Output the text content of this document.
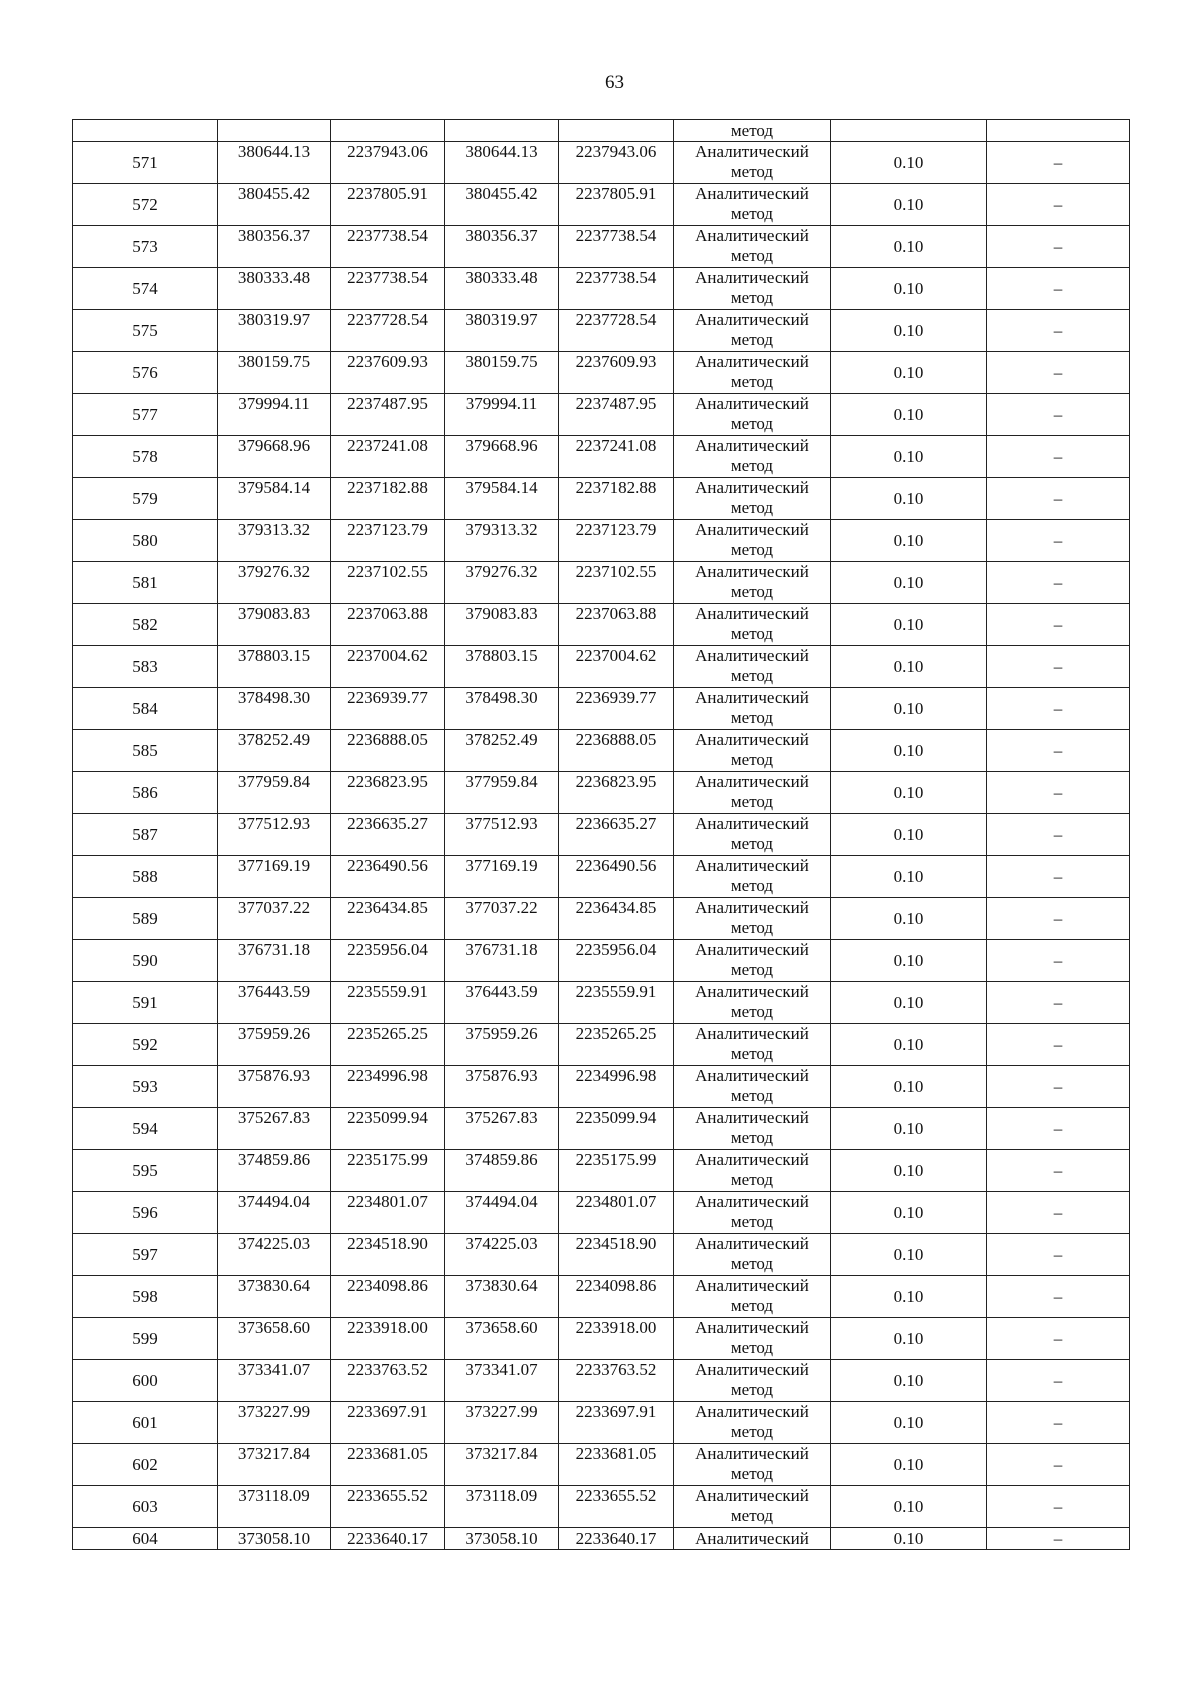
63
					метод		
571	380644.13	2237943.06	380644.13	2237943.06	Аналитический метод	0.10	–
572	380455.42	2237805.91	380455.42	2237805.91	Аналитический метод	0.10	–
573	380356.37	2237738.54	380356.37	2237738.54	Аналитический метод	0.10	–
574	380333.48	2237738.54	380333.48	2237738.54	Аналитический метод	0.10	–
575	380319.97	2237728.54	380319.97	2237728.54	Аналитический метод	0.10	–
576	380159.75	2237609.93	380159.75	2237609.93	Аналитический метод	0.10	–
577	379994.11	2237487.95	379994.11	2237487.95	Аналитический метод	0.10	–
578	379668.96	2237241.08	379668.96	2237241.08	Аналитический метод	0.10	–
579	379584.14	2237182.88	379584.14	2237182.88	Аналитический метод	0.10	–
580	379313.32	2237123.79	379313.32	2237123.79	Аналитический метод	0.10	–
581	379276.32	2237102.55	379276.32	2237102.55	Аналитический метод	0.10	–
582	379083.83	2237063.88	379083.83	2237063.88	Аналитический метод	0.10	–
583	378803.15	2237004.62	378803.15	2237004.62	Аналитический метод	0.10	–
584	378498.30	2236939.77	378498.30	2236939.77	Аналитический метод	0.10	–
585	378252.49	2236888.05	378252.49	2236888.05	Аналитический метод	0.10	–
586	377959.84	2236823.95	377959.84	2236823.95	Аналитический метод	0.10	–
587	377512.93	2236635.27	377512.93	2236635.27	Аналитический метод	0.10	–
588	377169.19	2236490.56	377169.19	2236490.56	Аналитический метод	0.10	–
589	377037.22	2236434.85	377037.22	2236434.85	Аналитический метод	0.10	–
590	376731.18	2235956.04	376731.18	2235956.04	Аналитический метод	0.10	–
591	376443.59	2235559.91	376443.59	2235559.91	Аналитический метод	0.10	–
592	375959.26	2235265.25	375959.26	2235265.25	Аналитический метод	0.10	–
593	375876.93	2234996.98	375876.93	2234996.98	Аналитический метод	0.10	–
594	375267.83	2235099.94	375267.83	2235099.94	Аналитический метод	0.10	–
595	374859.86	2235175.99	374859.86	2235175.99	Аналитический метод	0.10	–
596	374494.04	2234801.07	374494.04	2234801.07	Аналитический метод	0.10	–
597	374225.03	2234518.90	374225.03	2234518.90	Аналитический метод	0.10	–
598	373830.64	2234098.86	373830.64	2234098.86	Аналитический метод	0.10	–
599	373658.60	2233918.00	373658.60	2233918.00	Аналитический метод	0.10	–
600	373341.07	2233763.52	373341.07	2233763.52	Аналитический метод	0.10	–
601	373227.99	2233697.91	373227.99	2233697.91	Аналитический метод	0.10	–
602	373217.84	2233681.05	373217.84	2233681.05	Аналитический метод	0.10	–
603	373118.09	2233655.52	373118.09	2233655.52	Аналитический метод	0.10	–
604	373058.10	2233640.17	373058.10	2233640.17	Аналитический	0.10	–
